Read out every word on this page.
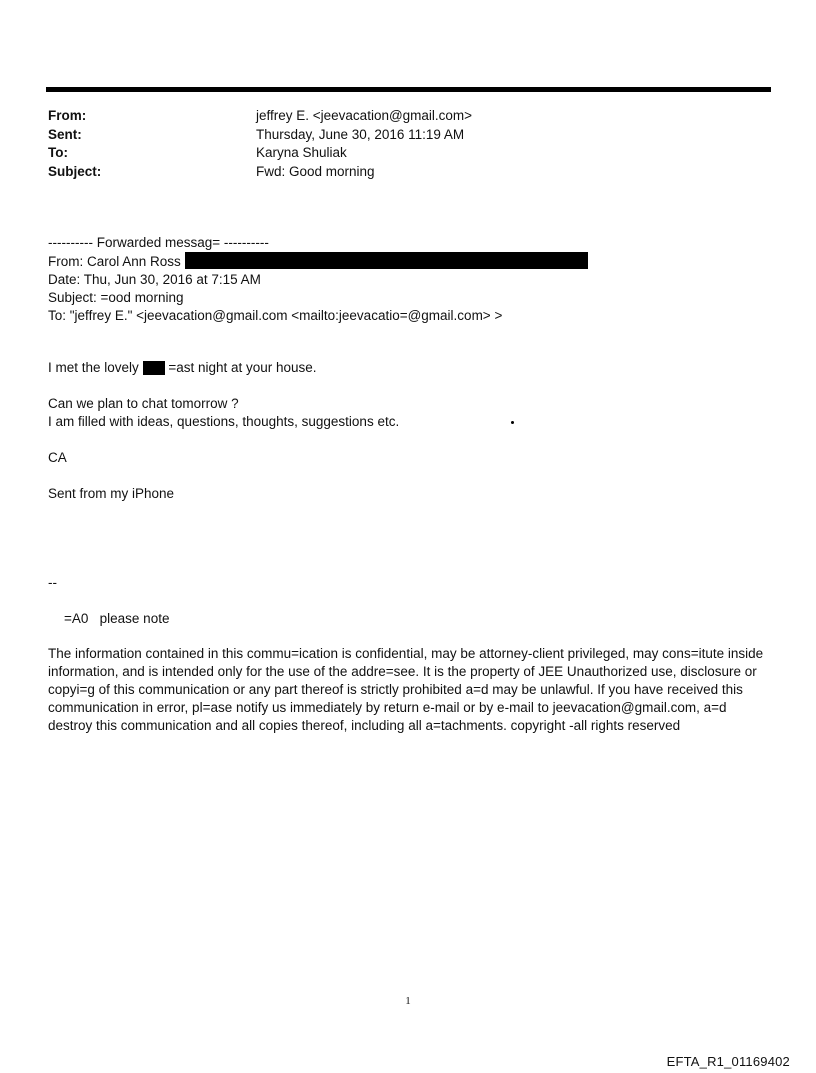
From:	jeffrey E. <jeevacation@gmail.com>
Sent:	Thursday, June 30, 2016 11:19 AM
To:	Karyna Shuliak
Subject:	Fwd: Good morning
---------- Forwarded messag= ----------
From: Carol Ann Ross
Date: Thu, Jun 30, 2016 at 7:15 AM
Subject: =ood morning
To: "jeffrey E." <jeevacation@gmail.com <mailto:jeevacatio=@gmail.com> >
I met the lovely =ast night at your house.
Can we plan to chat tomorrow ?
I am filled with ideas, questions, thoughts, suggestions etc.
CA
Sent from my iPhone
--
=A0   please note
The information contained in this commu=ication is confidential, may be attorney-client privileged, may cons=itute inside information, and is intended only for the use of the addre=see. It is the property of JEE Unauthorized use, disclosure or copyi=g of this communication or any part thereof is strictly prohibited a=d may be unlawful. If you have received this communication in error, pl=ase notify us immediately by return e-mail or by e-mail to jeevacation@gmail.com, a=d destroy this communication and all copies thereof, including all a=tachments. copyright -all rights reserved
1
EFTA_R1_01169402
